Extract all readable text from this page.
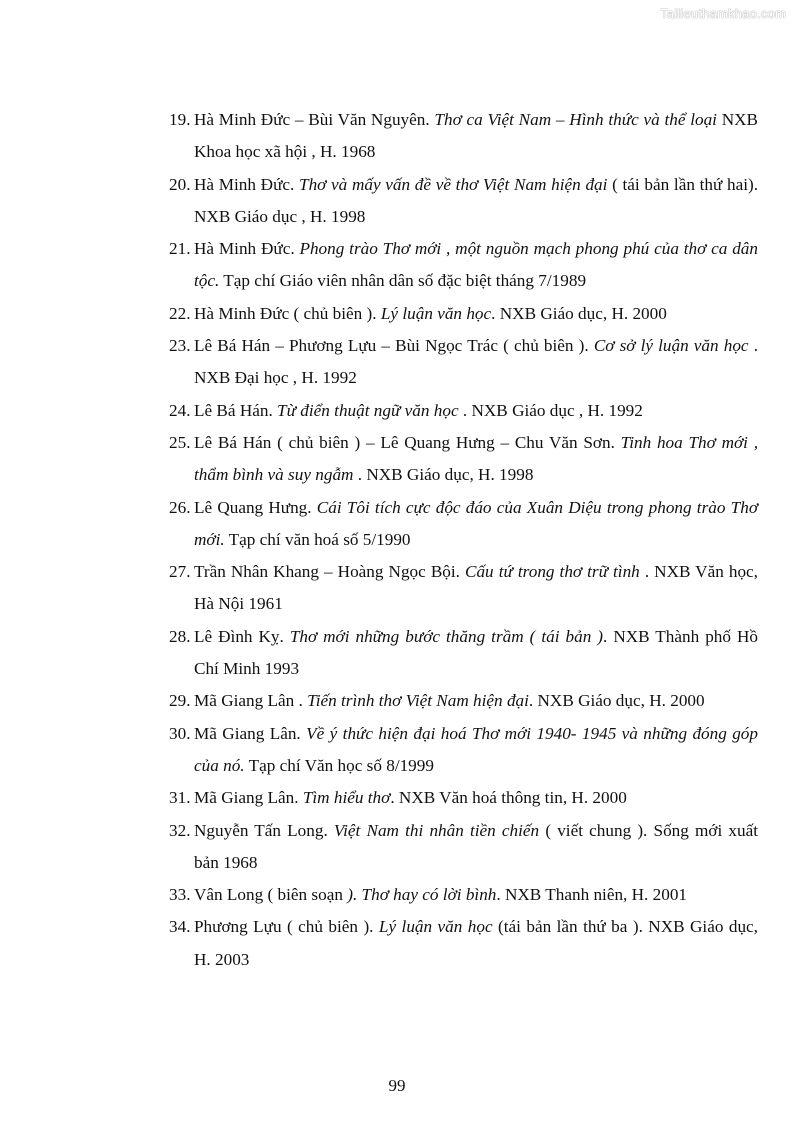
Tailieuthamkhao.com
19. Hà Minh Đức – Bùi Văn Nguyên. Thơ ca Việt Nam – Hình thức và thể loại NXB Khoa học xã hội , H. 1968
20. Hà Minh Đức. Thơ và mấy vấn đề về thơ Việt Nam hiện đại ( tái bản lần thứ hai). NXB Giáo dục , H. 1998
21. Hà Minh Đức. Phong trào Thơ mới , một nguồn mạch phong phú của thơ ca dân tộc. Tạp chí Giáo viên nhân dân số đặc biệt tháng 7/1989
22. Hà Minh Đức ( chủ biên ). Lý luận văn học. NXB Giáo dục, H. 2000
23. Lê Bá Hán – Phương Lựu – Bùi Ngọc Trác ( chủ biên ). Cơ sở lý luận văn học . NXB Đại học , H. 1992
24. Lê Bá Hán. Từ điển thuật ngữ văn học . NXB Giáo dục , H. 1992
25. Lê Bá Hán ( chủ biên ) – Lê Quang Hưng – Chu Văn Sơn. Tinh hoa Thơ mới , thẩm bình và suy ngẫm . NXB Giáo dục, H. 1998
26. Lê Quang Hưng. Cái Tôi tích cực độc đáo của Xuân Diệu trong phong trào Thơ mới. Tạp chí văn hoá số 5/1990
27. Trần Nhân Khang – Hoàng Ngọc Bội. Cấu tứ trong thơ trữ tình . NXB Văn học, Hà Nội 1961
28. Lê Đình Kỵ. Thơ mới những bước thăng trầm ( tái bản ). NXB Thành phố Hồ Chí Minh 1993
29. Mã Giang Lân . Tiến trình thơ Việt Nam hiện đại. NXB Giáo dục, H. 2000
30. Mã Giang Lân. Về ý thức hiện đại hoá Thơ mới 1940- 1945 và những đóng góp của nó. Tạp chí Văn học số 8/1999
31. Mã Giang Lân. Tìm hiểu thơ. NXB Văn hoá thông tin, H. 2000
32. Nguyễn Tấn Long. Việt Nam thi nhân tiền chiến ( viết chung ). Sống mới xuất bản 1968
33. Vân Long ( biên soạn ). Thơ hay có lời bình. NXB Thanh niên, H. 2001
34. Phương Lựu ( chủ biên ). Lý luận văn học (tái bản lần thứ ba ). NXB Giáo dục, H. 2003
99
